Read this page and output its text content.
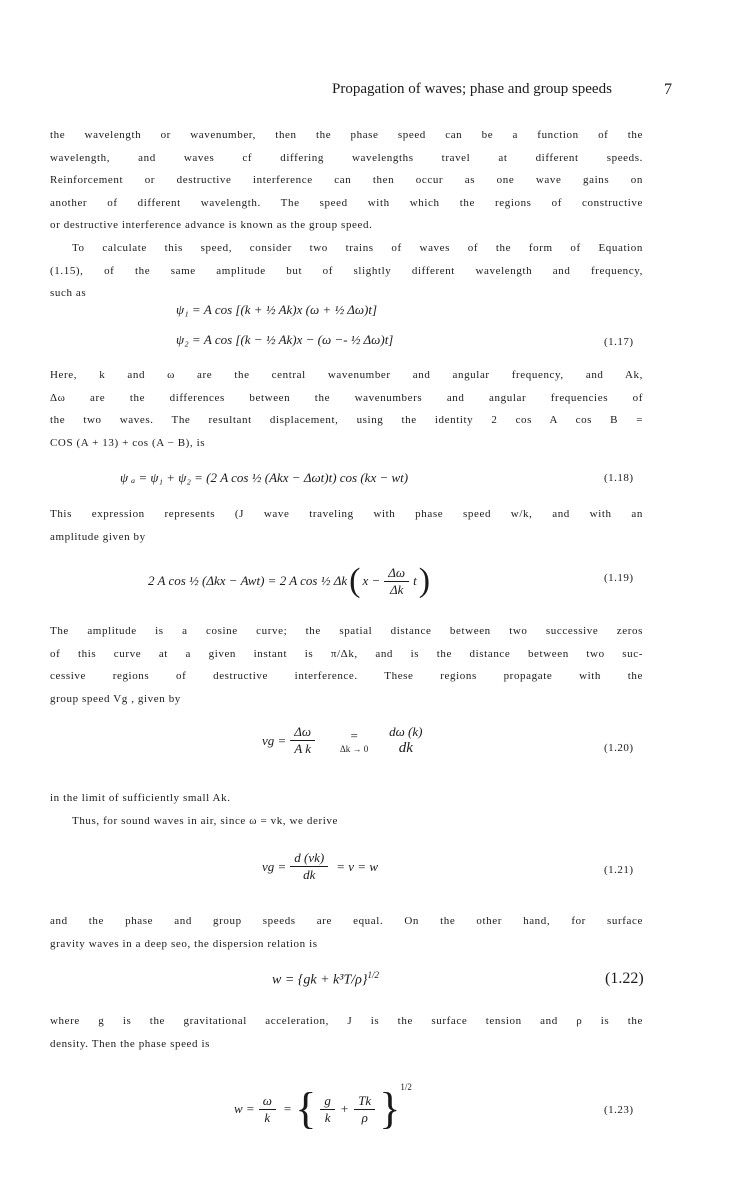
Propagation of waves; phase and group speeds	7
the wavelength or wavenumber, then the phase speed can be a function of the
wavelength, and waves cf differing wavelengths travel at different speeds.
Reinforcement or destructive interference can then occur as one wave gains on
another of different wavelength. The speed with which the regions of constructive
or destructive interference advance is known as the group speed.
To calculate this speed, consider two trains of waves of the form of Equation
(1.15), of the same amplitude but of slightly different wavelength and frequency,
such as
ψ₁ = A cos [(k + ½ Ak)x (ω + ½ Δω)t]
ψ₂ = A cos [(k − ½ Ak)x − (ω −- ½ Δω)t]	(1.17)
Here, k and ω are the central wavenumber and angular frequency, and Ak,
Δω are the differences between the wavenumbers and angular frequencies of
the two waves. The resultant displacement, using the identity 2 cos A cos B =
COS (A + 13) + cos (A − B), is
ψ ₐ = ψ₁ + ψ₂ = (2 A cos ½ (Akx − Δωt)t) cos (kx − wt)	(1.18)
This expression represents (J wave traveling with phase speed w/k, and with an
amplitude given by
2 A cos ½ (Δkx − Awt) = 2 A cos ½ Δk ( $x - \frac{\Delta\omega}{\Delta k}$ t )	(1.19)
The amplitude is a cosine curve; the spatial distance between two successive zeros
of this curve at a given instant is π/Δk, and is the distance between two suc-
cessive regions of destructive interference. These regions propagate with the
group speed Vg , given by
vg = $\frac{\Delta\omega}{\text{A k}}$	=
Δk → 0
dω (k)
dk	(1.20)
in the limit of sufficiently small Ak.
Thus, for sound waves in air, since ω = vk, we derive
vg = $\frac{d (vk)}{dk} = v = w$	(1.21)
and the phase and group speeds are equal. On the other hand, for surface
gravity waves in a deep seo, the dispersion relation is
w = {gk + k³T/ρ}$^{1/2}$	(1.22)
where g is the gravitational acceleration, J is the surface tension and ρ is the
density. Then the phase speed is
$w = \frac{\omega}{k}$ = { $\frac{g}{k} + \frac{Tk}{\rho} \}^{1/2}$
(1.23)
